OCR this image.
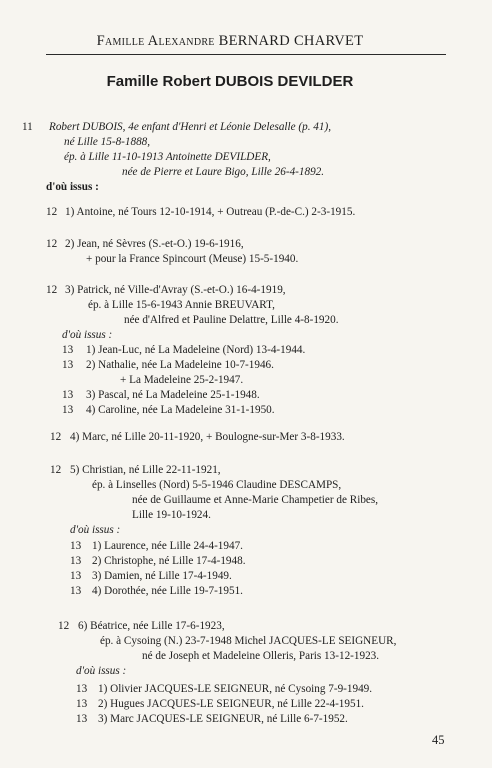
Famille Alexandre BERNARD CHARVET
Famille Robert DUBOIS DEVILDER
11 Robert DUBOIS, 4e enfant d'Henri et Léonie Delesalle (p. 41),
né Lille 15-8-1888,
ép. à Lille 11-10-1913 Antoinette DEVILDER,
née de Pierre et Laure Bigo, Lille 26-4-1892.
d'où issus :
12 1) Antoine, né Tours 12-10-1914, + Outreau (P.-de-C.) 2-3-1915.
12 2) Jean, né Sèvres (S.-et-O.) 19-6-1916,
+ pour la France Spincourt (Meuse) 15-5-1940.
12 3) Patrick, né Ville-d'Avray (S.-et-O.) 16-4-1919,
ép. à Lille 15-6-1943 Annie BREUVART,
née d'Alfred et Pauline Delattre, Lille 4-8-1920.
d'où issus :
13 1) Jean-Luc, né La Madeleine (Nord) 13-4-1944.
13 2) Nathalie, née La Madeleine 10-7-1946.
+ La Madeleine 25-2-1947.
13 3) Pascal, né La Madeleine 25-1-1948.
13 4) Caroline, née La Madeleine 31-1-1950.
12 4) Marc, né Lille 20-11-1920, + Boulogne-sur-Mer 3-8-1933.
12 5) Christian, né Lille 22-11-1921,
ép. à Linselles (Nord) 5-5-1946 Claudine DESCAMPS,
née de Guillaume et Anne-Marie Champetier de Ribes,
Lille 19-10-1924.
d'où issus :
13 1) Laurence, née Lille 24-4-1947.
13 2) Christophe, né Lille 17-4-1948.
13 3) Damien, né Lille 17-4-1949.
13 4) Dorothée, née Lille 19-7-1951.
12 6) Béatrice, née Lille 17-6-1923,
ép. à Cysoing (N.) 23-7-1948 Michel JACQUES-LE SEIGNEUR,
né de Joseph et Madeleine Olleris, Paris 13-12-1923.
d'où issus :
13 1) Olivier JACQUES-LE SEIGNEUR, né Cysoing 7-9-1949.
13 2) Hugues JACQUES-LE SEIGNEUR, né Lille 22-4-1951.
13 3) Marc JACQUES-LE SEIGNEUR, né Lille 6-7-1952.
45
